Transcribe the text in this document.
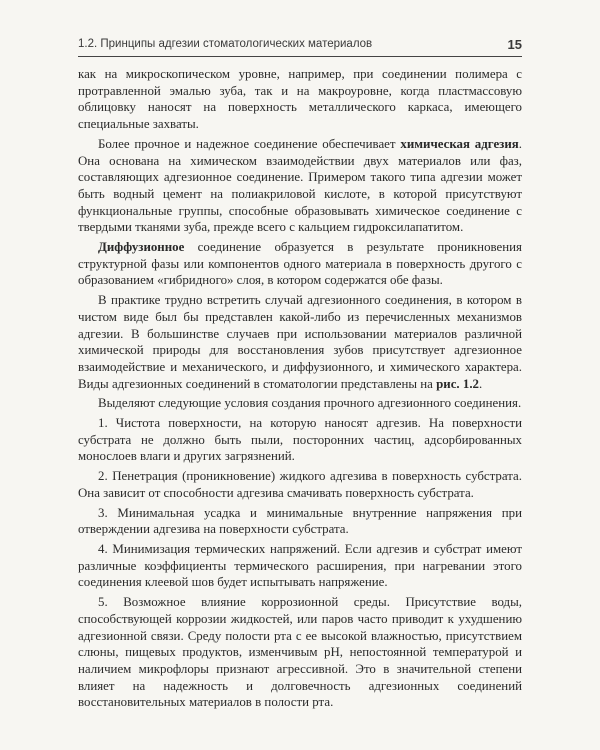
1.2. Принципы адгезии стоматологических материалов	15

как на микроскопическом уровне, например, при соединении полимера с протравленной эмалью зуба, так и на макроуровне, когда пластмассовую облицовку наносят на поверхность металлического каркаса, имеющего специальные захваты.

Более прочное и надежное соединение обеспечивает химическая адгезия. Она основана на химическом взаимодействии двух материалов или фаз, составляющих адгезионное соединение. Примером такого типа адгезии может быть водный цемент на полиакриловой кислоте, в которой присутствуют функциональные группы, способные образовывать химическое соединение с твердыми тканями зуба, прежде всего с кальцием гидроксилапатитом.

Диффузионное соединение образуется в результате проникновения структурной фазы или компонентов одного материала в поверхность другого с образованием «гибридного» слоя, в котором содержатся обе фазы.

В практике трудно встретить случай адгезионного соединения, в котором в чистом виде был бы представлен какой-либо из перечисленных механизмов адгезии. В большинстве случаев при использовании материалов различной химической природы для восстановления зубов присутствует адгезионное взаимодействие и механического, и диффузионного, и химического характера. Виды адгезионных соединений в стоматологии представлены на рис. 1.2.

Выделяют следующие условия создания прочного адгезионного соединения.

1. Чистота поверхности, на которую наносят адгезив. На поверхности субстрата не должно быть пыли, посторонних частиц, адсорбированных монослоев влаги и других загрязнений.

2. Пенетрация (проникновение) жидкого адгезива в поверхность субстрата. Она зависит от способности адгезива смачивать поверхность субстрата.

3. Минимальная усадка и минимальные внутренние напряжения при отверждении адгезива на поверхности субстрата.

4. Минимизация термических напряжений. Если адгезив и субстрат имеют различные коэффициенты термического расширения, при нагревании этого соединения клеевой шов будет испытывать напряжение.

5. Возможное влияние коррозионной среды. Присутствие воды, способствующей коррозии жидкостей, или паров часто приводит к ухудшению адгезионной связи. Среду полости рта с ее высокой влажностью, присутствием слюны, пищевых продуктов, изменчивым pH, непостоянной температурой и наличием микрофлоры признают агрессивной. Это в значительной степени влияет на надежность и долговечность адгезионных соединений восстановительных материалов в полости рта.
